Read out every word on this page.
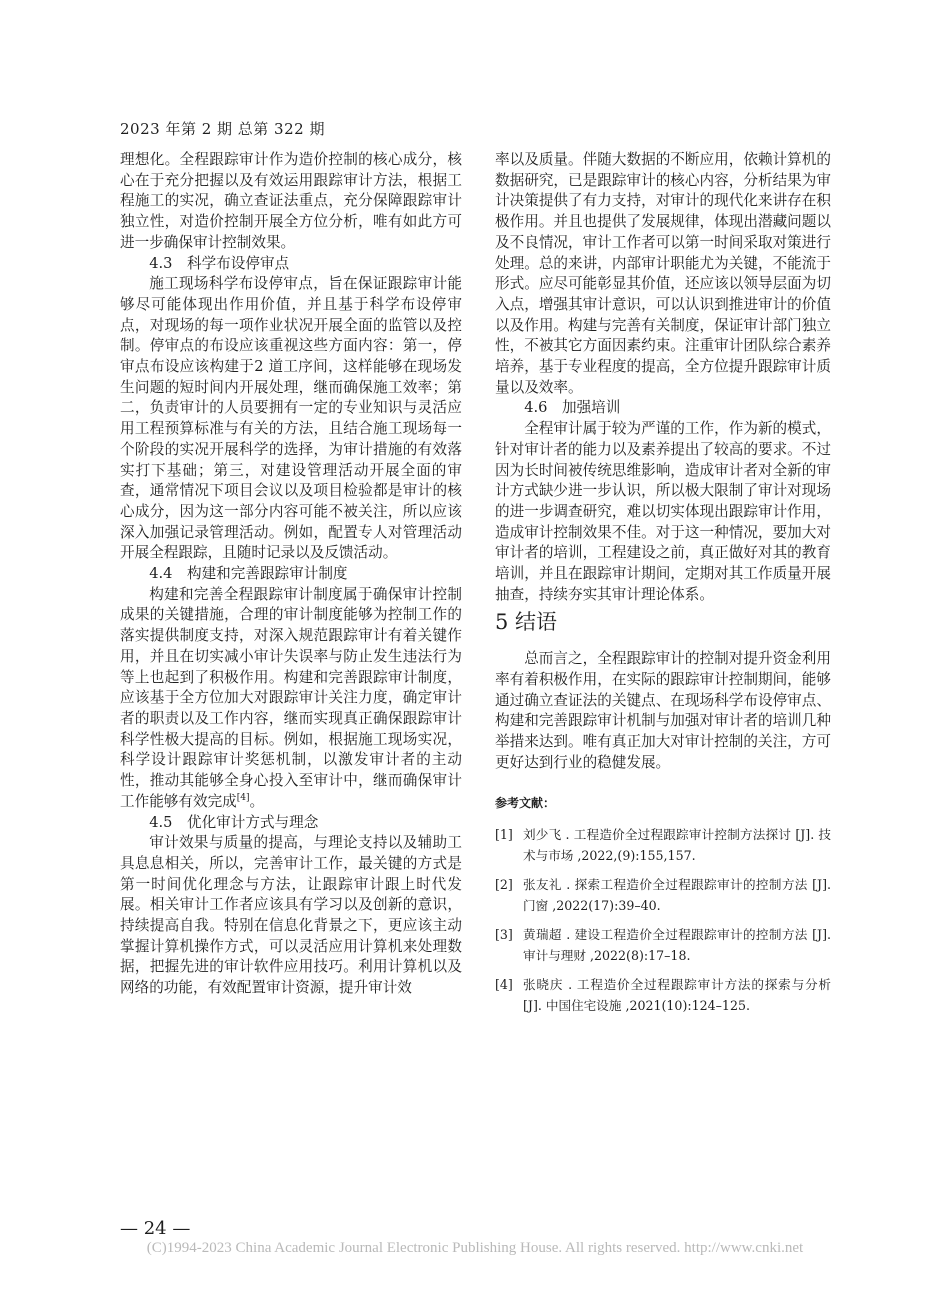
2023 年第 2 期 总第 322 期

理想化。全程跟踪审计作为造价控制的核心成分，核心在于充分把握以及有效运用跟踪审计方法，根据工程施工的实况，确立查证法重点，充分保障跟踪审计独立性，对造价控制开展全方位分析，唯有如此方可进一步确保审计控制效果。

4.3　科学布设停审点

施工现场科学布设停审点，旨在保证跟踪审计能够尽可能体现出作用价值，并且基于科学布设停审点，对现场的每一项作业状况开展全面的监管以及控制。停审点的布设应该重视这些方面内容：第一，停审点布设应该构建于2 道工序间，这样能够在现场发生问题的短时间内开展处理，继而确保施工效率；第二，负责审计的人员要拥有一定的专业知识与灵活应用工程预算标准与有关的方法，且结合施工现场每一个阶段的实况开展科学的选择，为审计措施的有效落实打下基础；第三，对建设管理活动开展全面的审查，通常情况下项目会议以及项目检验都是审计的核心成分，因为这一部分内容可能不被关注，所以应该深入加强记录管理活动。例如，配置专人对管理活动开展全程跟踪，且随时记录以及反馈活动。

4.4　构建和完善跟踪审计制度

构建和完善全程跟踪审计制度属于确保审计控制成果的关键措施，合理的审计制度能够为控制工作的落实提供制度支持，对深入规范跟踪审计有着关键作用，并且在切实减小审计失误率与防止发生违法行为等上也起到了积极作用。构建和完善跟踪审计制度，应该基于全方位加大对跟踪审计关注力度，确定审计者的职责以及工作内容，继而实现真正确保跟踪审计科学性极大提高的目标。例如，根据施工现场实况，科学设计跟踪审计奖惩机制，以激发审计者的主动性，推动其能够全身心投入至审计中，继而确保审计工作能够有效完成[4]。

4.5　优化审计方式与理念

审计效果与质量的提高，与理论支持以及辅助工具息息相关，所以，完善审计工作，最关键的方式是第一时间优化理念与方法，让跟踪审计跟上时代发展。相关审计工作者应该具有学习以及创新的意识，持续提高自我。特别在信息化背景之下，更应该主动掌握计算机操作方式，可以灵活应用计算机来处理数据，把握先进的审计软件应用技巧。利用计算机以及网络的功能，有效配置审计资源，提升审计效

率以及质量。伴随大数据的不断应用，依赖计算机的数据研究，已是跟踪审计的核心内容，分析结果为审计决策提供了有力支持，对审计的现代化来讲存在积极作用。并且也提供了发展规律，体现出潜藏问题以及不良情况，审计工作者可以第一时间采取对策进行处理。总的来讲，内部审计职能尤为关键，不能流于形式。应尽可能彰显其价值，还应该以领导层面为切入点，增强其审计意识，可以认识到推进审计的价值以及作用。构建与完善有关制度，保证审计部门独立性，不被其它方面因素约束。注重审计团队综合素养培养，基于专业程度的提高，全方位提升跟踪审计质量以及效率。

4.6　加强培训

全程审计属于较为严谨的工作，作为新的模式，针对审计者的能力以及素养提出了较高的要求。不过因为长时间被传统思维影响，造成审计者对全新的审计方式缺少进一步认识，所以极大限制了审计对现场的进一步调查研究，难以切实体现出跟踪审计作用，造成审计控制效果不佳。对于这一种情况，要加大对审计者的培训，工程建设之前，真正做好对其的教育培训，并且在跟踪审计期间，定期对其工作质量开展抽查，持续夯实其审计理论体系。

5 结语

总而言之，全程跟踪审计的控制对提升资金利用率有着积极作用，在实际的跟踪审计控制期间，能够通过确立查证法的关键点、在现场科学布设停审点、构建和完善跟踪审计机制与加强对审计者的培训几种举措来达到。唯有真正加大对审计控制的关注，方可更好达到行业的稳健发展。

参考文献：
[1] 刘少飞 . 工程造价全过程跟踪审计控制方法探讨 [J]. 技术与市场 ,2022,(9):155,157.
[2] 张友礼 . 探索工程造价全过程跟踪审计的控制方法 [J]. 门窗 ,2022(17):39–40.
[3] 黄瑞超 . 建设工程造价全过程跟踪审计的控制方法 [J]. 审计与理财 ,2022(8):17–18.
[4] 张晓庆 . 工程造价全过程跟踪审计方法的探索与分析 [J]. 中国住宅设施 ,2021(10):124–125.
— 24 —
(C)1994-2023 China Academic Journal Electronic Publishing House. All rights reserved. http://www.cnki.net
